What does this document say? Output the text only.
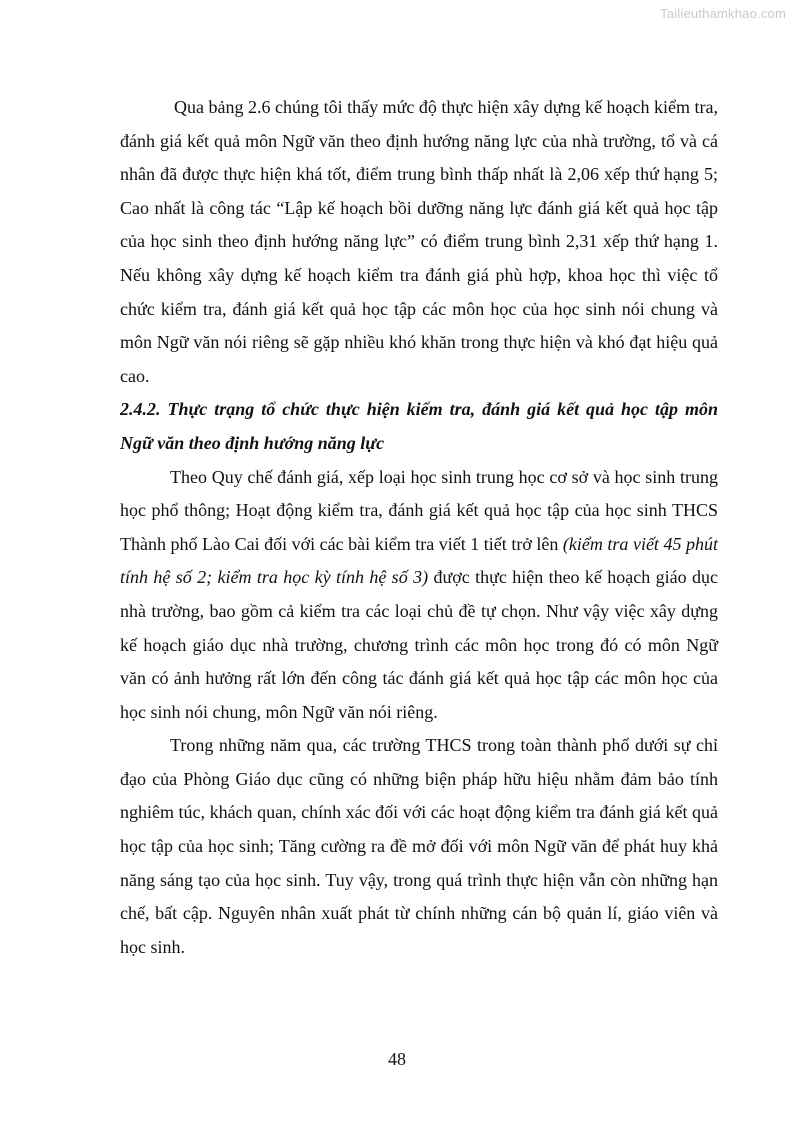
Tailieuthamkhao.com

Qua bảng 2.6 chúng tôi thấy mức độ thực hiện xây dựng kế hoạch kiểm tra, đánh giá kết quả môn Ngữ văn theo định hướng năng lực của nhà trường, tổ và cá nhân đã được thực hiện khá tốt, điểm trung bình thấp nhất là 2,06 xếp thứ hạng 5; Cao nhất là công tác “Lập kế hoạch bồi dưỡng năng lực đánh giá kết quả học tập của học sinh theo định hướng năng lực” có điểm trung bình 2,31 xếp thứ hạng 1. Nếu không xây dựng kế hoạch kiểm tra đánh giá phù hợp, khoa học thì việc tổ chức kiểm tra, đánh giá kết quả học tập các môn học của học sinh nói chung và môn Ngữ văn nói riêng sẽ gặp nhiều khó khăn trong thực hiện và khó đạt hiệu quả cao.

2.4.2. Thực trạng tổ chức thực hiện kiểm tra, đánh giá kết quả học tập môn Ngữ văn theo định hướng năng lực

Theo Quy chế đánh giá, xếp loại học sinh trung học cơ sở và học sinh trung học phổ thông; Hoạt động kiểm tra, đánh giá kết quả học tập của học sinh THCS Thành phố Lào Cai đối với các bài kiểm tra viết 1 tiết trở lên (kiểm tra viết 45 phút tính hệ số 2; kiểm tra học kỳ tính hệ số 3) được thực hiện theo kế hoạch giáo dục nhà trường, bao gồm cả kiểm tra các loại chủ đề tự chọn. Như vậy việc xây dựng kế hoạch giáo dục nhà trường, chương trình các môn học trong đó có môn Ngữ văn có ảnh hưởng rất lớn đến công tác đánh giá kết quả học tập các môn học của học sinh nói chung, môn Ngữ văn nói riêng.

Trong những năm qua, các trường THCS trong toàn thành phố dưới sự chỉ đạo của Phòng Giáo dục cũng có những biện pháp hữu hiệu nhằm đảm bảo tính nghiêm túc, khách quan, chính xác đối với các hoạt động kiểm tra đánh giá kết quả học tập của học sinh; Tăng cường ra đề mở đối với môn Ngữ văn để phát huy khả năng sáng tạo của học sinh. Tuy vậy, trong quá trình thực hiện vẫn còn những hạn chế, bất cập. Nguyên nhân xuất phát từ chính những cán bộ quản lí, giáo viên và học sinh.

48
